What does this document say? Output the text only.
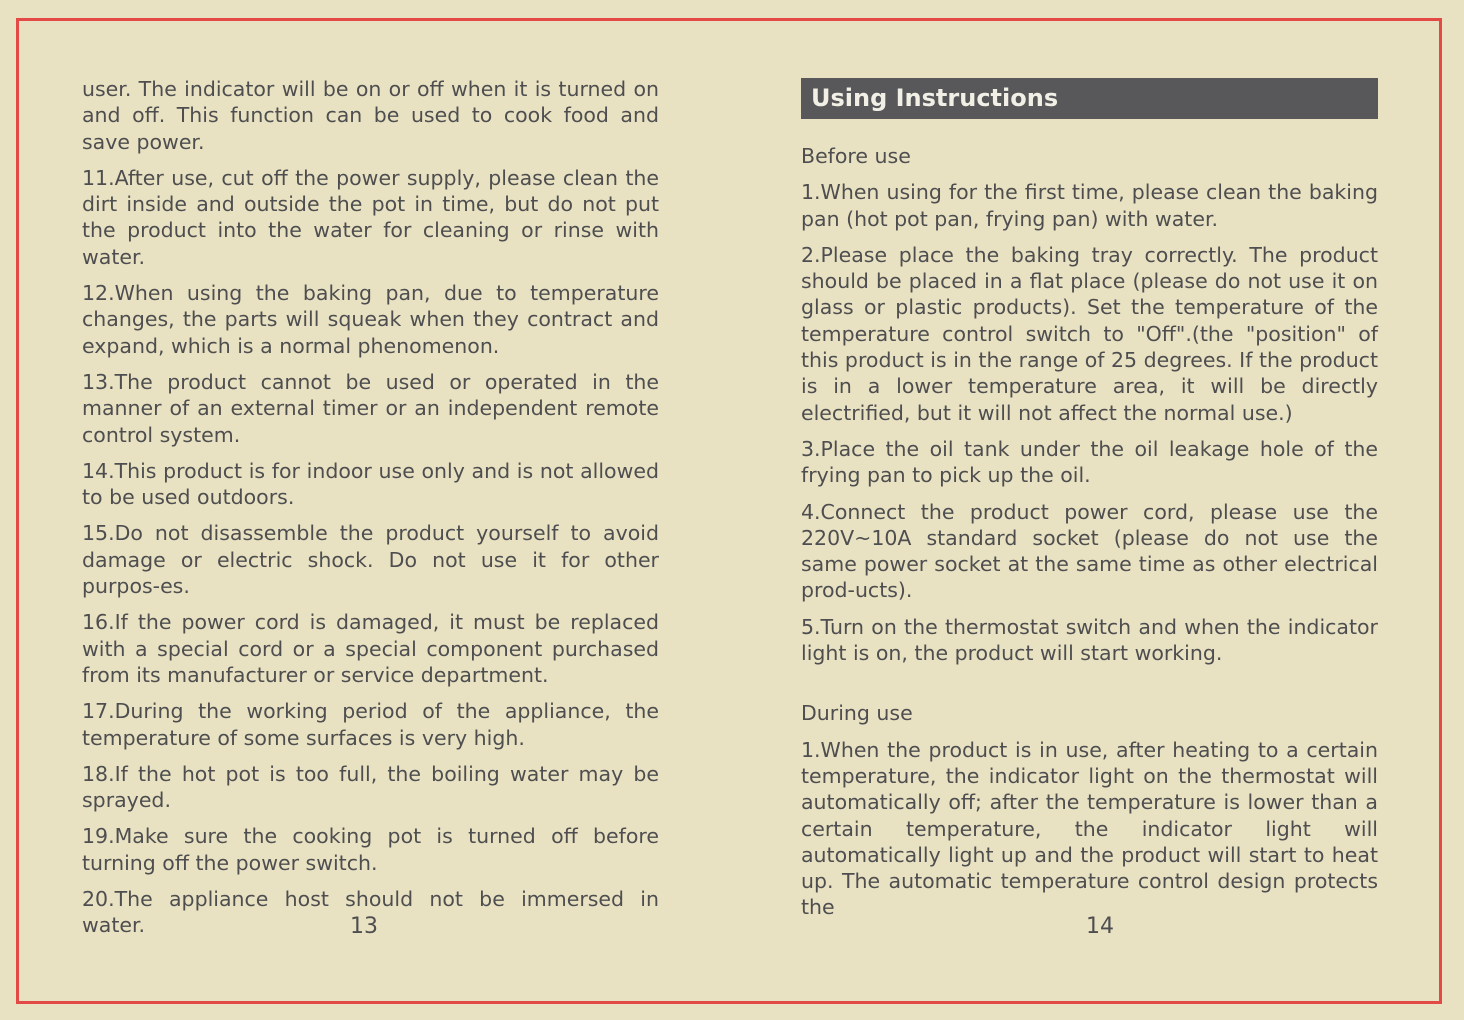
user. The indicator will be on or off when it is turned on and off. This function can be used to cook food and save power.

11.After use, cut off the power supply, please clean the dirt inside and outside the pot in time, but do not put the product into the water for cleaning or rinse with water.

12.When using the baking pan, due to temperature changes, the parts will squeak when they contract and expand, which is a normal phenomenon.

13.The product cannot be used or operated in the manner of an external timer or an independent remote control system.

14.This product is for indoor use only and is not allowed to be used outdoors.

15.Do not disassemble the product yourself to avoid damage or electric shock. Do not use it for other purpos-es.

16.If the power cord is damaged, it must be replaced with a special cord or a special component purchased from its manufacturer or service department.

17.During the working period of the appliance, the temperature of some surfaces is very high.

18.If the hot pot is too full, the boiling water may be sprayed.

19.Make sure the cooking pot is turned off before turning off the power switch.

20.The appliance host should not be immersed in water.

Using Instructions

Before use

1.When using for the first time, please clean the baking pan (hot pot pan, frying pan) with water.

2.Please place the baking tray correctly. The product should be placed in a flat place (please do not use it on glass or plastic products). Set the temperature of the temperature control switch to "Off".(the "position" of this product is in the range of 25 degrees. If the product is in a lower temperature area, it will be directly electrified, but it will not affect the normal use.)

3.Place the oil tank under the oil leakage hole of the frying pan to pick up the oil.

4.Connect the product power cord, please use the 220V~10A standard socket (please do not use the same power socket at the same time as other electrical prod-ucts).

5.Turn on the thermostat switch and when the indicator light is on, the product will start working.

During use

1.When the product is in use, after heating to a certain temperature, the indicator light on the thermostat will automatically off; after the temperature is lower than a certain temperature, the indicator light will automatically light up and the product will start to heat up. The automatic temperature control design protects the

13	14
